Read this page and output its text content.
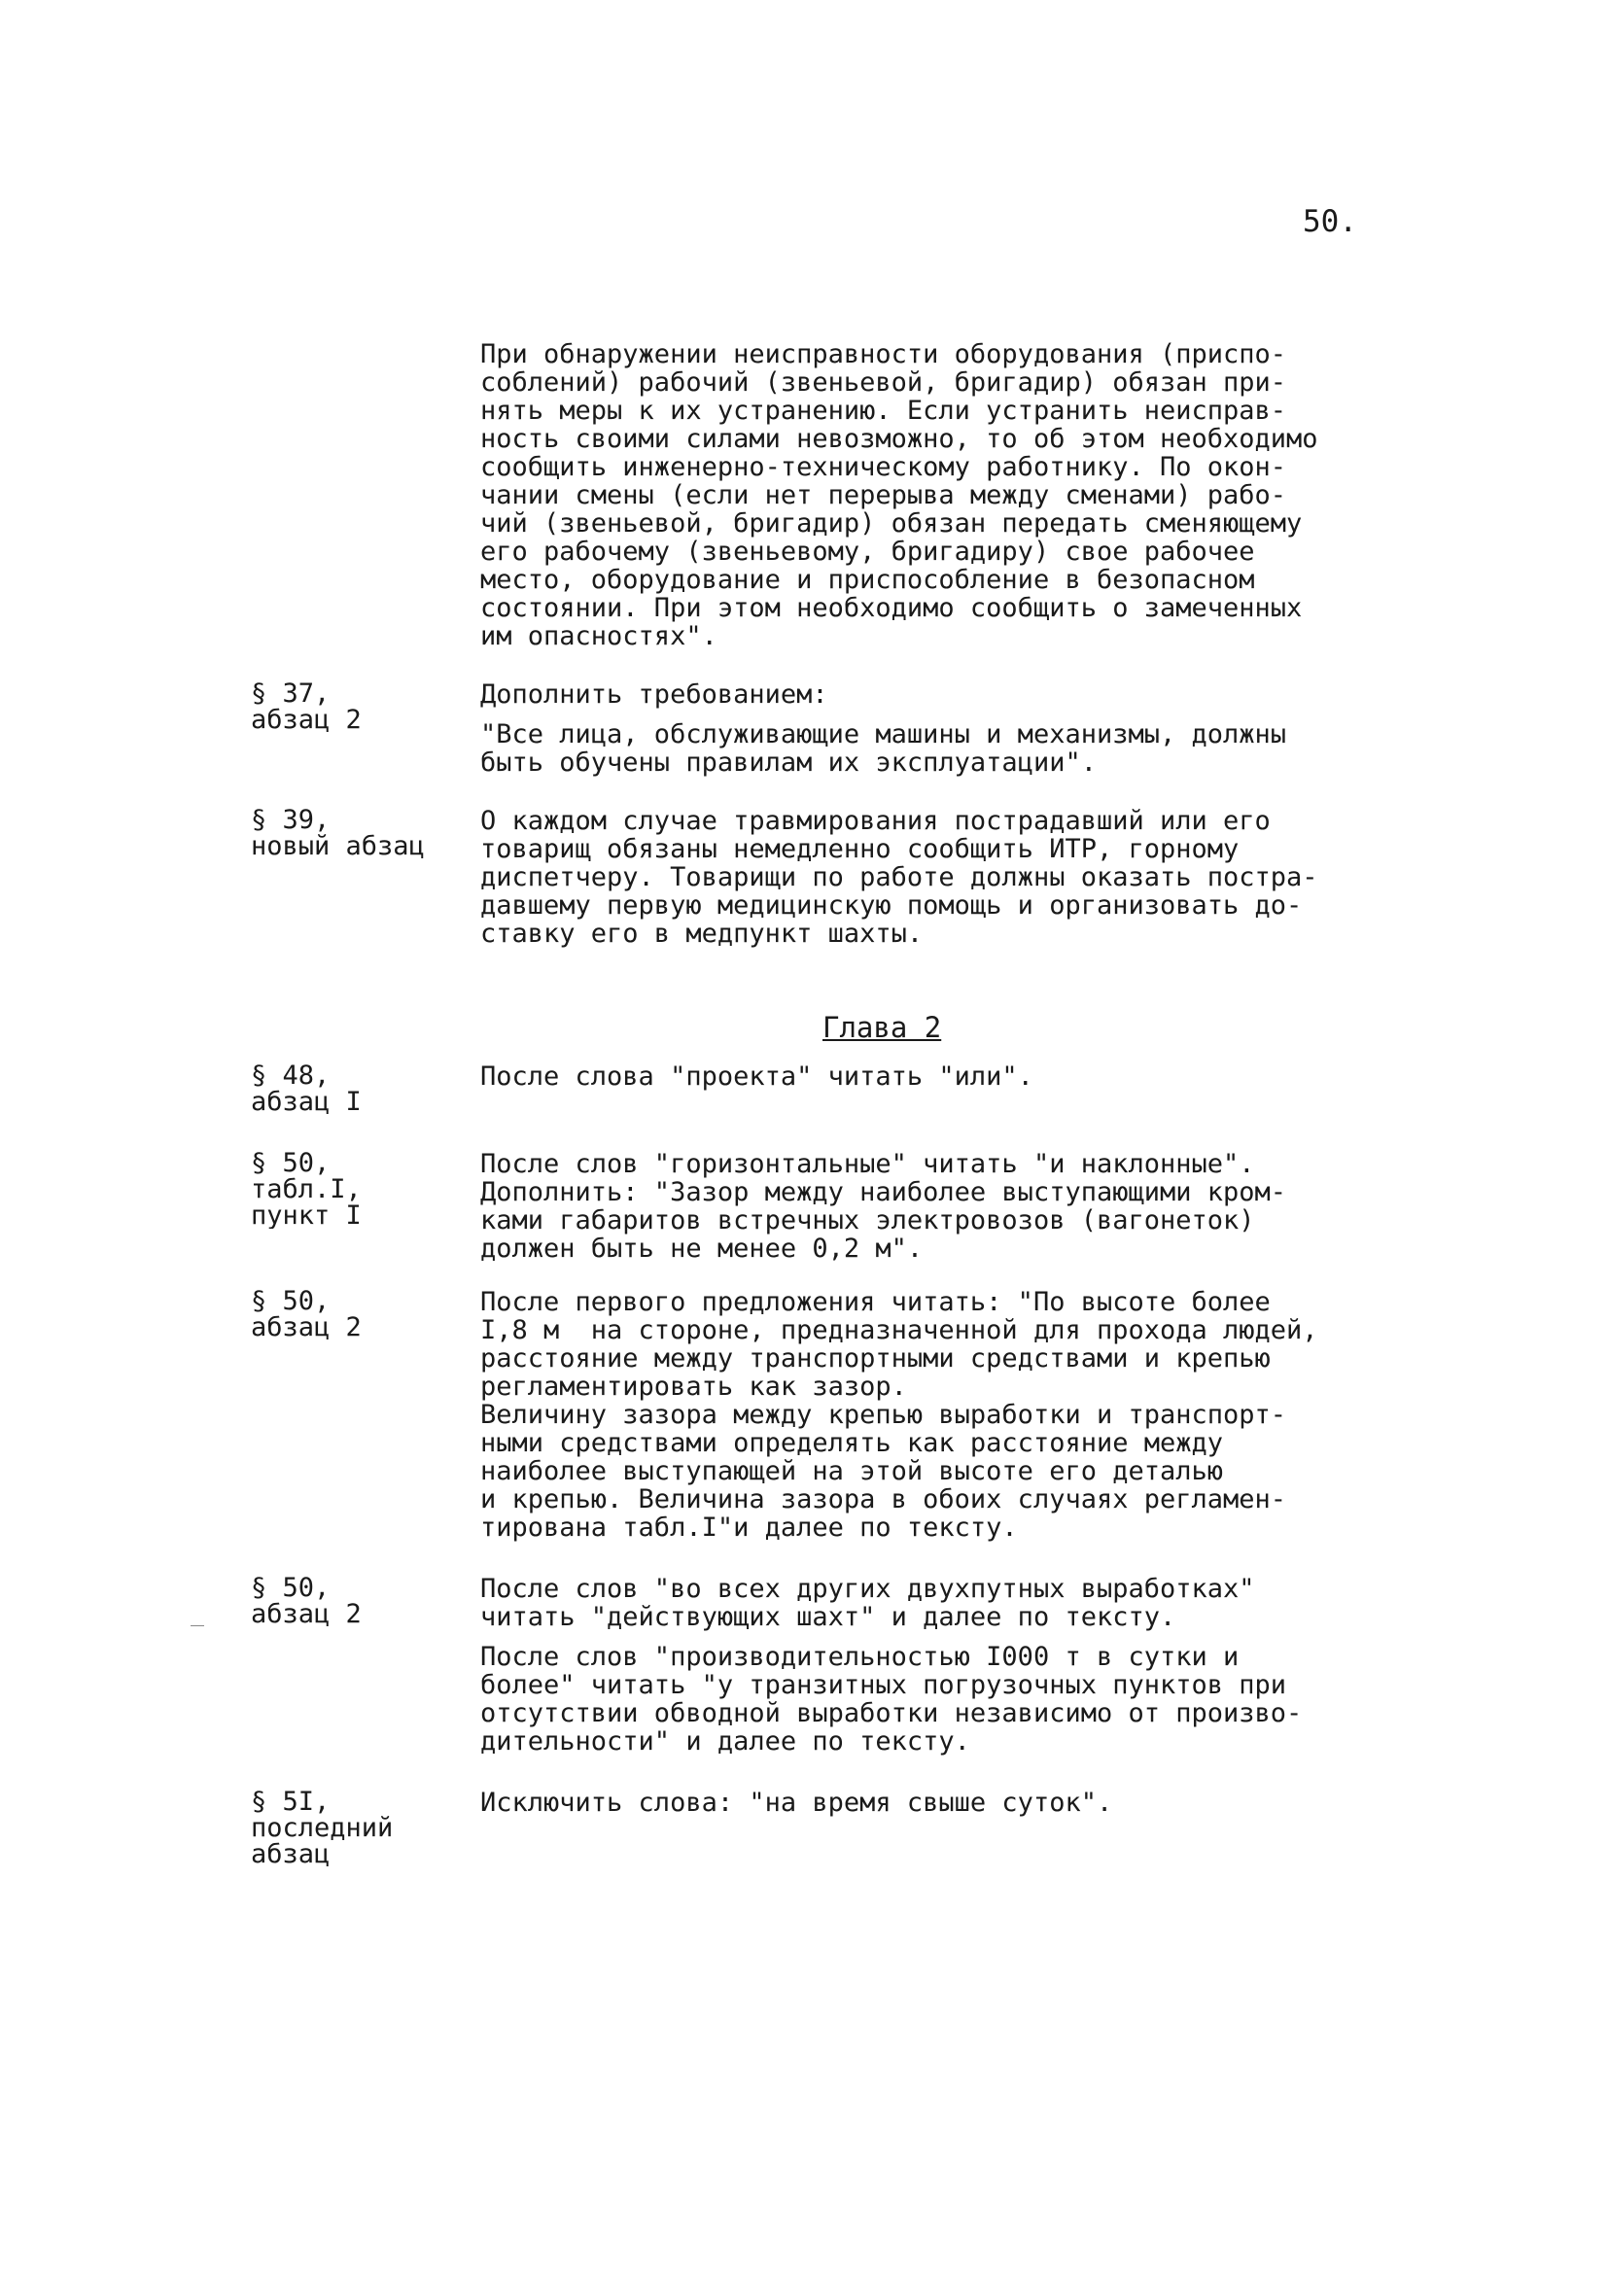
50.
При обнаружении неисправности оборудования (приспо-
соблений) рабочий (звеньевой, бригадир) обязан при-
нять меры к их устранению. Если устранить неисправ-
ность своими силами невозможно, то об этом необходимо
сообщить инженерно-техническому работнику. По окон-
чании смены (если нет перерыва между сменами) рабо-
чий (звеньевой, бригадир) обязан передать сменяющему
его рабочему (звеньевому, бригадиру) свое рабочее
место, оборудование и приспособление в безопасном
состоянии. При этом необходимо сообщить о замеченных
им опасностях".
§ 37,
абзац 2
Дополнить требованием:
"Все лица, обслуживающие машины и механизмы, должны
быть обучены правилам их эксплуатации".
§ 39,
новый абзац
О каждом случае травмирования пострадавший или его
товарищ обязаны немедленно сообщить ИТР, горному
диспетчеру. Товарищи по работе должны оказать постра-
давшему первую медицинскую помощь и организовать до-
ставку его в медпункт шахты.
Глава 2
§ 48,
абзац I
После слова "проекта" читать "или".
§ 50,
табл.I,
пункт I
После слов "горизонтальные" читать "и наклонные".
Дополнить: "Зазор между наиболее выступающими кром-
ками габаритов встречных электровозов (вагонеток)
должен быть не менее 0,2 м".
§ 50,
абзац 2
После первого предложения читать: "По высоте более
I,8 м  на стороне, предназначенной для прохода людей,
расстояние между транспортными средствами и крепью
регламентировать как зазор.
Величину зазора между крепью выработки и транспорт-
ными средствами определять как расстояние между
наиболее выступающей на этой высоте его деталью
и крепью. Величина зазора в обоих случаях регламен-
тирована табл.I"и далее по тексту.
§ 50,
абзац 2
После слов "во всех других двухпутных выработках"
читать "действующих шахт" и далее по тексту.
После слов "производительностью I000 т в сутки и
более" читать "у транзитных погрузочных пунктов при
отсутствии обводной выработки независимо от произво-
дительности" и далее по тексту.
§ 5I,
последний
абзац
Исключить слова: "на время свыше суток".
